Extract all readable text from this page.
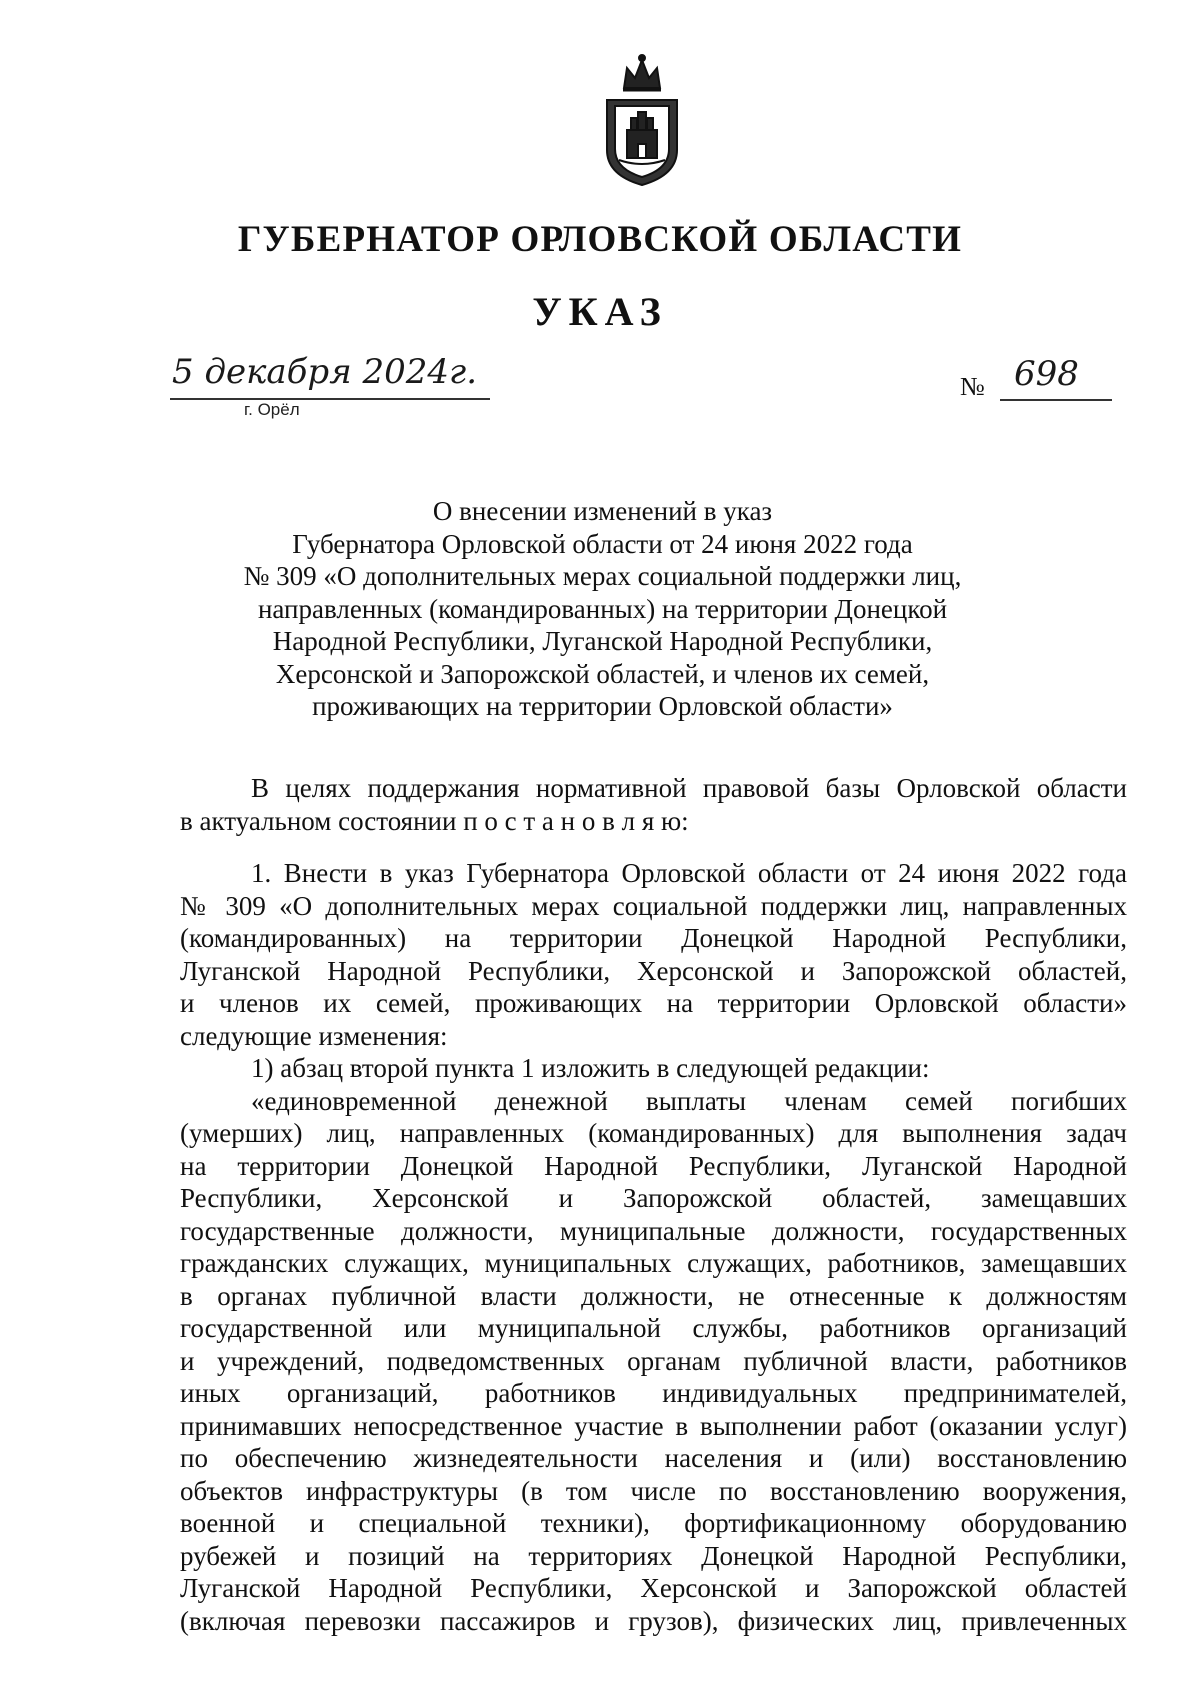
ГУБЕРНАТОР ОРЛОВСКОЙ ОБЛАСТИ
УКАЗ
5 декабря 2024г.
г. Орёл
№ 698
О внесении изменений в указ
Губернатора Орловской области от 24 июня 2022 года
№ 309 «О дополнительных мерах социальной поддержки лиц,
направленных (командированных) на территории Донецкой
Народной Республики, Луганской Народной Республики,
Херсонской и Запорожской областей, и членов их семей,
проживающих на территории Орловской области»
В целях поддержания нормативной правовой базы Орловской области
в актуальном состоянии п о с т а н о в л я ю:
1. Внести в указ Губернатора Орловской области от 24 июня 2022 года
№ 309 «О дополнительных мерах социальной поддержки лиц, направленных
(командированных) на территории Донецкой Народной Республики,
Луганской Народной Республики, Херсонской и Запорожской областей,
и членов их семей, проживающих на территории Орловской области»
следующие изменения:
1) абзац второй пункта 1 изложить в следующей редакции:
«единовременной денежной выплаты членам семей погибших
(умерших) лиц, направленных (командированных) для выполнения задач
на территории Донецкой Народной Республики, Луганской Народной
Республики, Херсонской и Запорожской областей, замещавших
государственные должности, муниципальные должности, государственных
гражданских служащих, муниципальных служащих, работников, замещавших
в органах публичной власти должности, не отнесенные к должностям
государственной или муниципальной службы, работников организаций
и учреждений, подведомственных органам публичной власти, работников
иных организаций, работников индивидуальных предпринимателей,
принимавших непосредственное участие в выполнении работ (оказании услуг)
по обеспечению жизнедеятельности населения и (или) восстановлению
объектов инфраструктуры (в том числе по восстановлению вооружения,
военной и специальной техники), фортификационному оборудованию
рубежей и позиций на территориях Донецкой Народной Республики,
Луганской Народной Республики, Херсонской и Запорожской областей
(включая перевозки пассажиров и грузов), физических лиц, привлеченных
